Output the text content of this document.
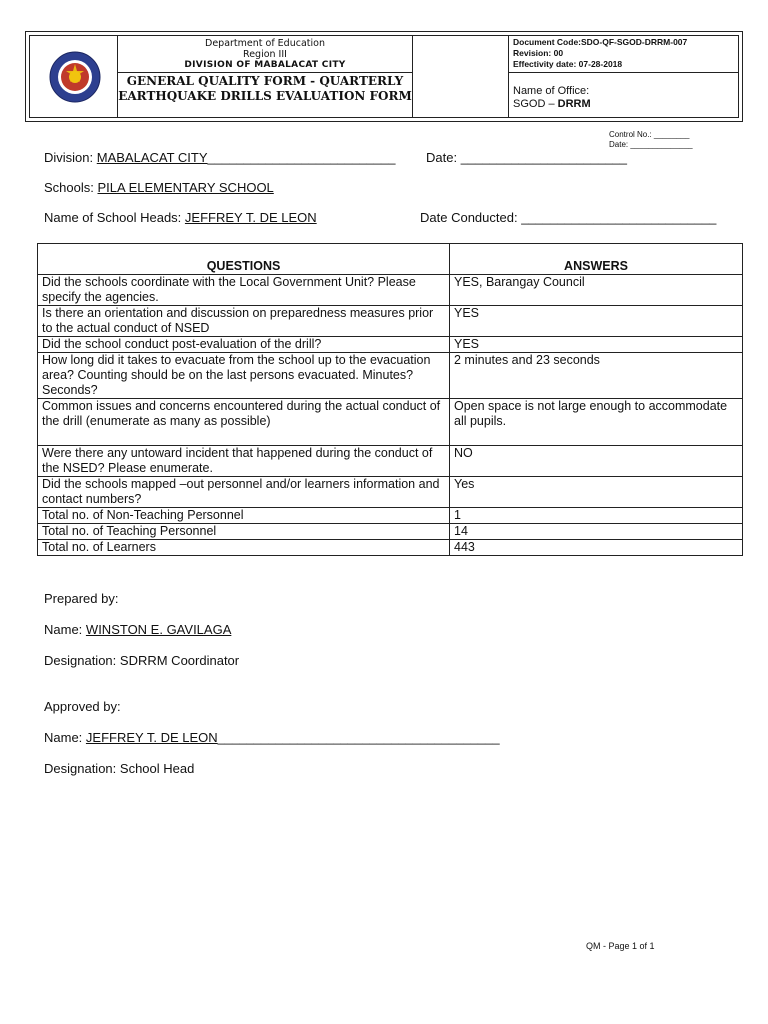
Department of Education
Region III
DIVISION OF MABALACAT CITY
GENERAL QUALITY FORM - QUARTERLY EARTHQUAKE DRILLS EVALUATION FORM
Document Code:SDO-QF-SGOD-DRRM-007
Revision: 00
Effectivity date: 07-28-2018
Name of Office:
SGOD – DRRM
Control No.: ________
Date: ______________
Division: MABALACAT CITY__________________________ Date: _______________________
Schools: PILA ELEMENTARY SCHOOL
Name of School Heads: JEFFREY T. DE LEON	Date Conducted: ___________________________
QUESTIONS	ANSWERS
Did the schools coordinate with the Local Government Unit? Please specify the agencies.	YES, Barangay Council
Is there an orientation and discussion on preparedness measures prior to the actual conduct of NSED	YES
Did the school conduct post-evaluation of the drill?	YES
How long did it takes to evacuate from the school up to the evacuation area? Counting should be on the last persons evacuated. Minutes? Seconds?	2 minutes and 23 seconds
Common issues and concerns encountered during the actual conduct of the drill (enumerate as many as possible)	Open space is not large enough to accommodate all pupils.
Were there any untoward incident that happened during the conduct of the NSED? Please enumerate.	NO
Did the schools mapped –out personnel and/or learners information and contact numbers?	Yes
Total no. of Non-Teaching Personnel	1
Total no. of Teaching Personnel	14
Total no. of Learners	443
Prepared by:
Name: WINSTON E. GAVILAGA
Designation: SDRRM Coordinator
Approved by:
Name: JEFFREY T. DE LEON_______________________________________
Designation: School Head
QM - Page 1 of 1
